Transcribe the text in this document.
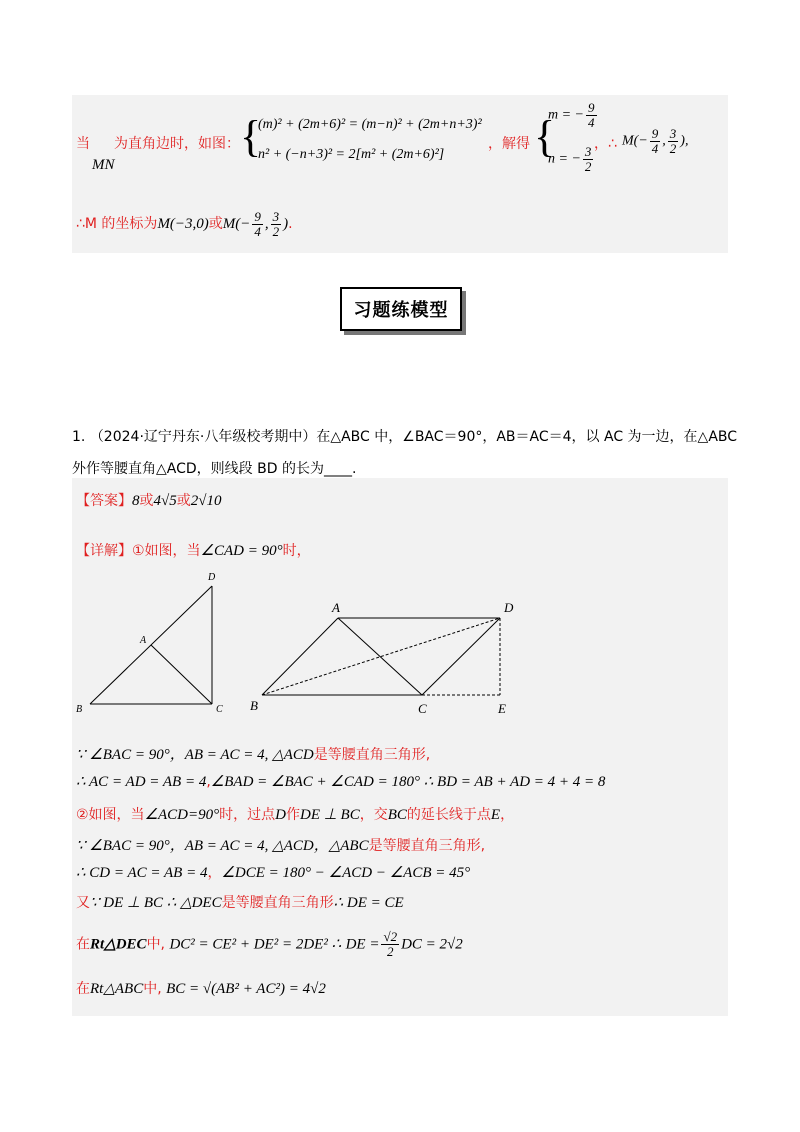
当
MN
为直角边时，如图： {
(m)² + (2m+6)² = (m−n)² + (2m+n+3)²
n² + (−n+3)² = 2[m² + (2m+6)²]
，解得 {
m = − $\frac{9}{4}$
n = − $\frac{3}{2}$
，∴ $M(- \frac{9}{4}$ , $\frac{3}{2}$ ),
∴M 的坐标为M(−3,0)或$M(- \frac{9}{4}$ , $\frac{3}{2}$ ).
习题练模型
1. （2024·辽宁丹东·八年级校考期中）在△ABC 中，∠BAC＝90°，AB＝AC＝4，以 AC 为一边，在△ABC
外作等腰直角△ACD，则线段 BD 的长为____.
【答案】8或4√5或2√10
【详解】①如图，当∠CAD = 90°时，
D
A
B	C
A	D
B	C	E
∵ ∠BAC = 90°，AB = AC = 4, △ACD是等腰直角三角形,
∴ AC = AD = AB = 4,∠BAD = ∠BAC + ∠CAD = 180° ∴ BD = AB + AD = 4 + 4 = 8
②如图，当∠ACD=90°时，过点D作DE ⊥ BC，交BC的延长线于点E，
∵ ∠BAC = 90°，AB = AC = 4, △ACD，△ABC是等腰直角三角形,
∴ CD = AC = AB = 4，∠DCE = 180° − ∠ACD − ∠ACB = 45°
又∵ DE ⊥ BC ∴ △DEC是等腰直角三角形∴ DE = CE
在Rt△DEC中, DC² = CE² + DE² = 2DE² ∴ DE = $\frac{√2}{2}$ DC = 2√2
在Rt△ABC中, BC = √(AB² + AC²) = 4√2
